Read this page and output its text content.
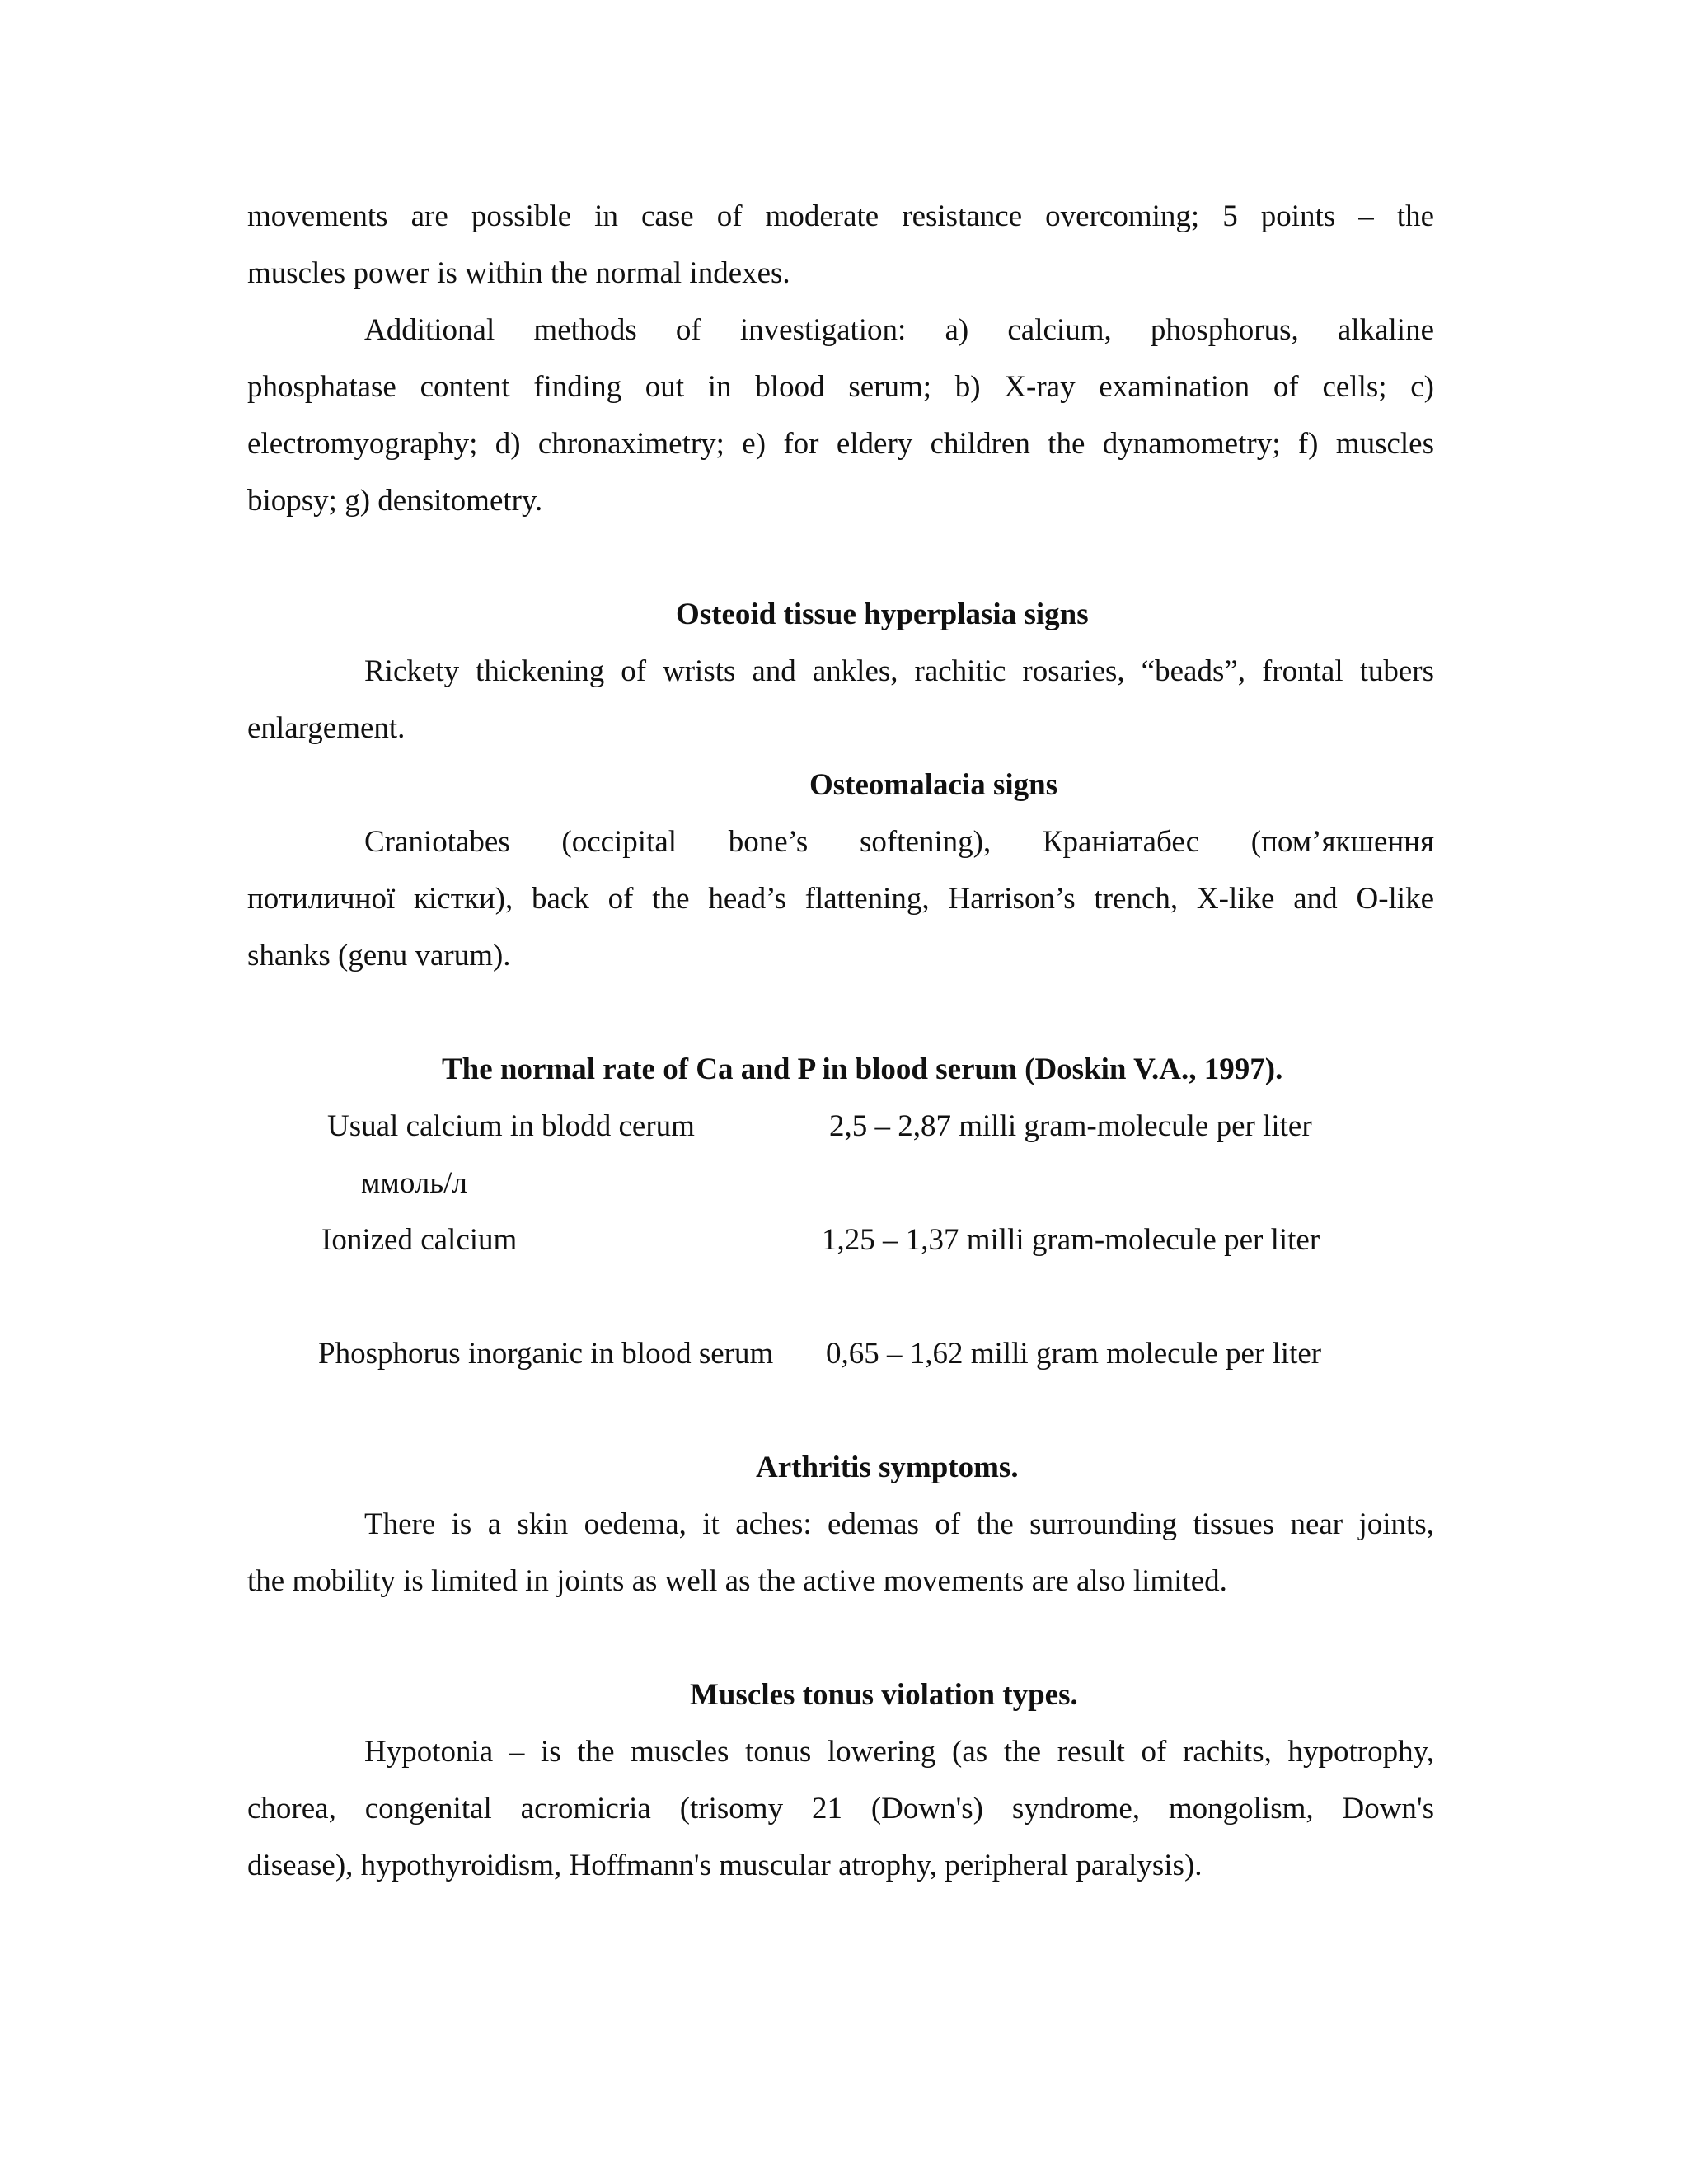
movements are possible in case of moderate resistance overcoming; 5 points – the
muscles power is within the normal indexes.
Additional methods of investigation: a) calcium, phosphorus, alkaline
phosphatase content finding out in blood serum; b) X-ray examination of cells; c)
electromyography; d) chronaximetry; e) for eldery children the dynamometry; f) muscles
biopsy; g) densitometry.
Osteoid tissue hyperplasia signs
Rickety thickening of wrists and ankles, rachitic rosaries, “beads”, frontal tubers
enlargement.
Osteomalacia signs
Craniotabes (occipital bone’s softening), Краніатабес (пом’якшення
потиличної кістки), back of the head’s flattening, Harrison’s trench, X-like and O-like
shanks (genu varum).
The normal rate of Ca and P in blood serum (Doskin V.A., 1997).
Usual calcium in blodd cerum	2,5 – 2,87 milli gram-molecule per liter
ммоль/л
Ionized calcium	1,25 – 1,37 milli gram-molecule per liter
Phosphorus inorganic in blood serum 0,65 – 1,62 milli gram molecule per liter
Arthritis symptoms.
There is a skin oedema, it aches: edemas of the surrounding tissues near joints,
the mobility is limited in joints as well as the active movements are also limited.
Muscles tonus violation types.
Hypotonia – is the muscles tonus lowering (as the result of rachits, hypotrophy,
chorea, congenital acromicria (trisomy 21 (Down's) syndrome, mongolism, Down's
disease), hypothyroidism, Hoffmann's muscular atrophy, peripheral paralysis).
